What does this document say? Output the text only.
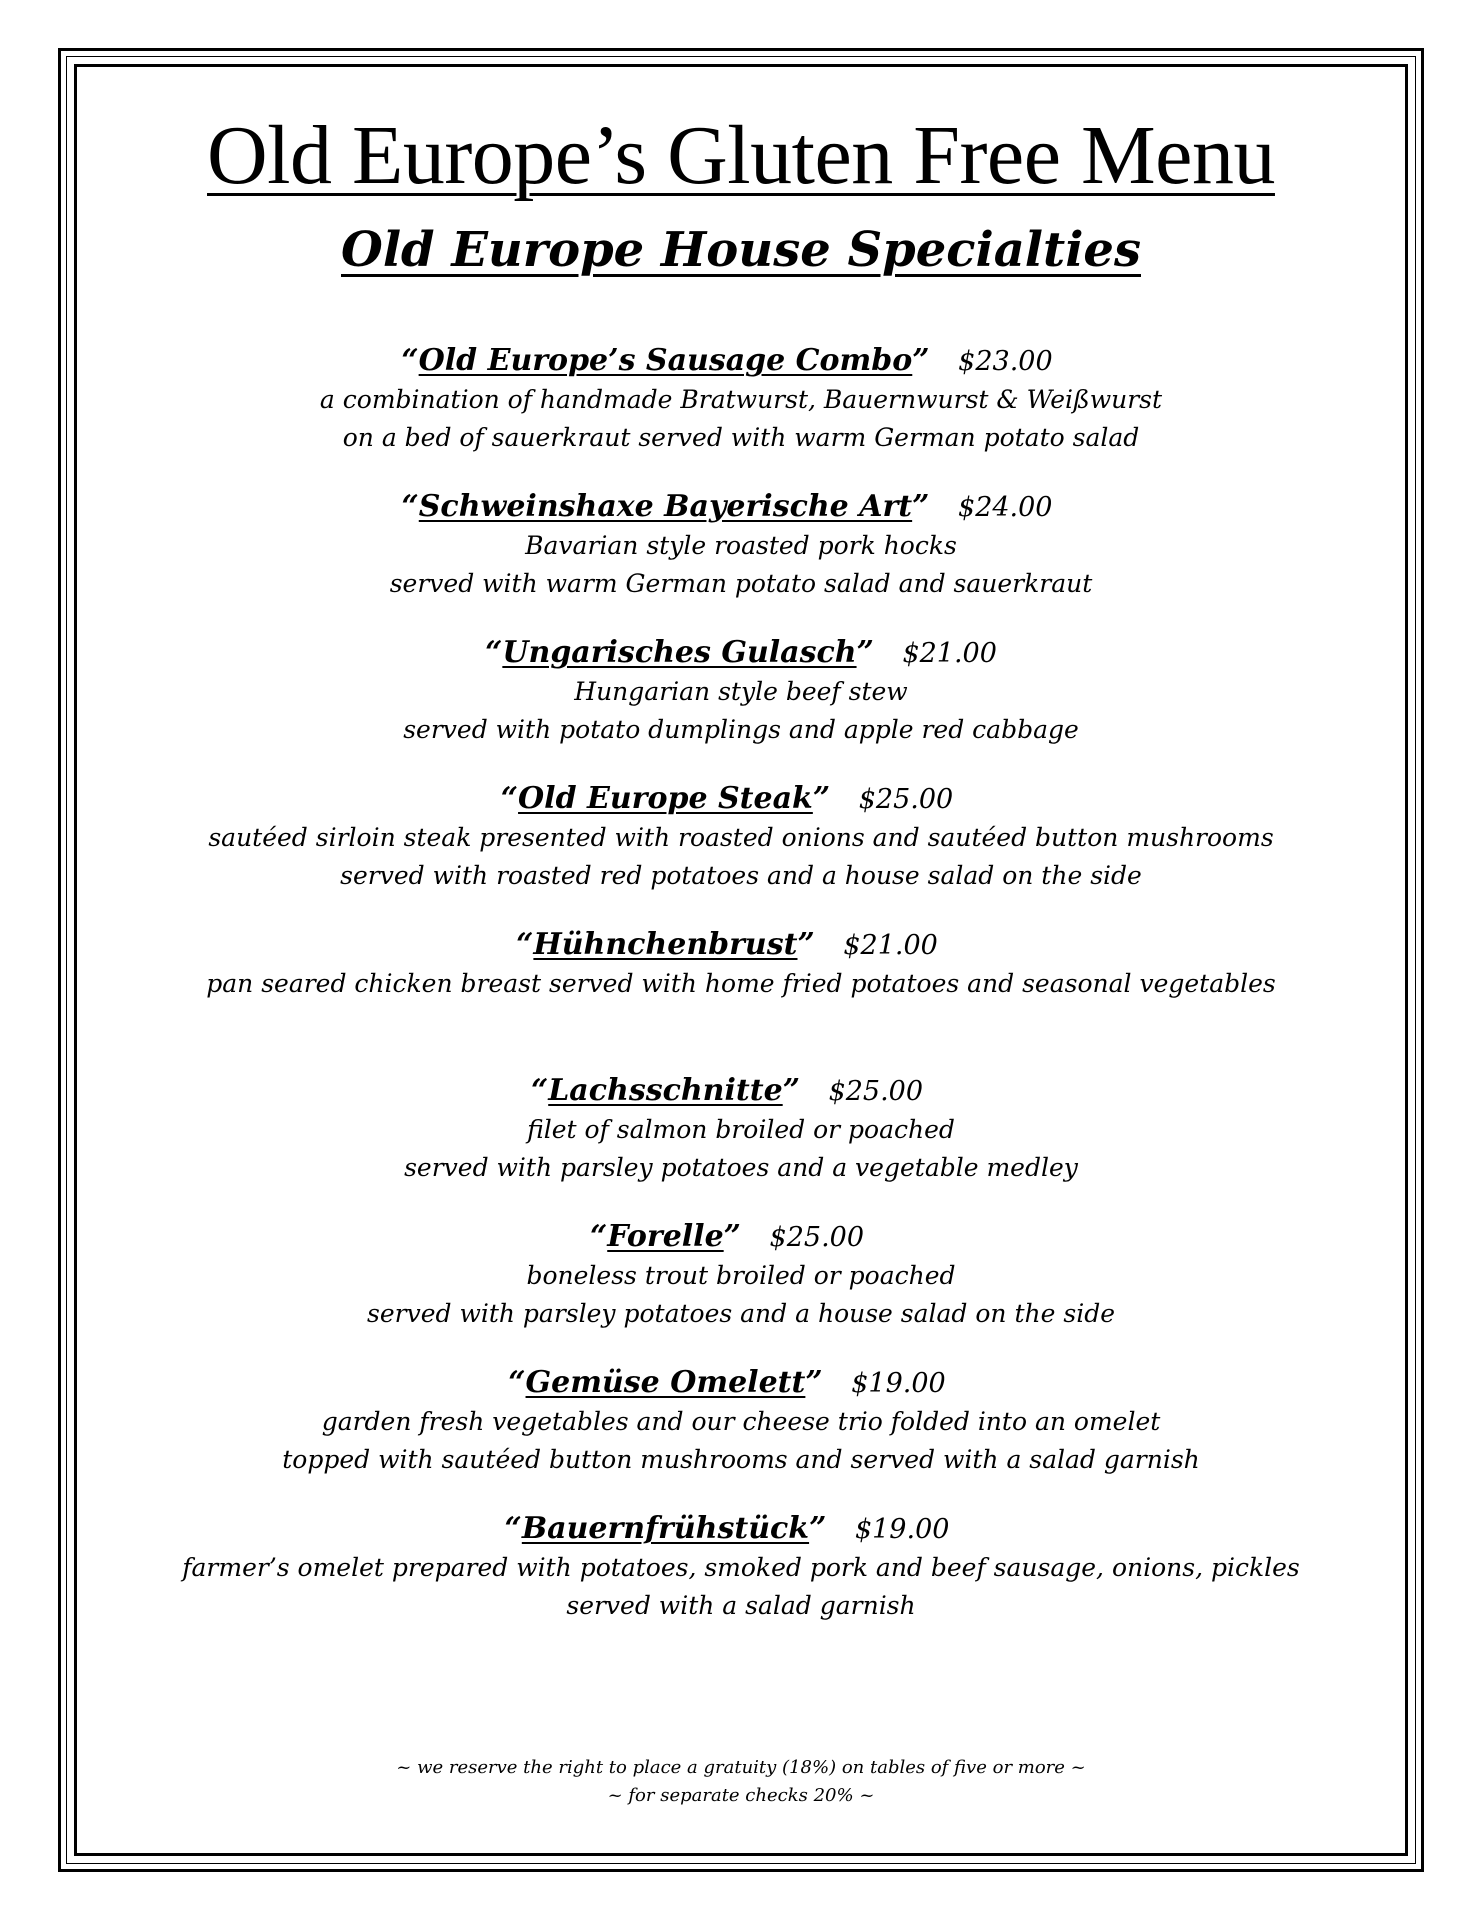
Old Europe’s Gluten Free Menu
Old Europe House Specialties
“Old Europe’s Sausage Combo” $23.00
a combination of handmade Bratwurst, Bauernwurst & Weißwurst
on a bed of sauerkraut served with warm German potato salad
“Schweinshaxe Bayerische Art” $24.00
Bavarian style roasted pork hocks
served with warm German potato salad and sauerkraut
“Ungarisches Gulasch” $21.00
Hungarian style beef stew
served with potato dumplings and apple red cabbage
“Old Europe Steak” $25.00
sautéed sirloin steak presented with roasted onions and sautéed button mushrooms
served with roasted red potatoes and a house salad on the side
“Hühnchenbrust” $21.00
pan seared chicken breast served with home fried potatoes and seasonal vegetables
“Lachsschnitte” $25.00
filet of salmon broiled or poached
served with parsley potatoes and a vegetable medley
“Forelle” $25.00
boneless trout broiled or poached
served with parsley potatoes and a house salad on the side
“Gemüse Omelett” $19.00
garden fresh vegetables and our cheese trio folded into an omelet
topped with sautéed button mushrooms and served with a salad garnish
“Bauernfrühstück” $19.00
farmer’s omelet prepared with potatoes, smoked pork and beef sausage, onions, pickles
served with a salad garnish
~ we reserve the right to place a gratuity (18%) on tables of five or more ~
~ for separate checks 20% ~
